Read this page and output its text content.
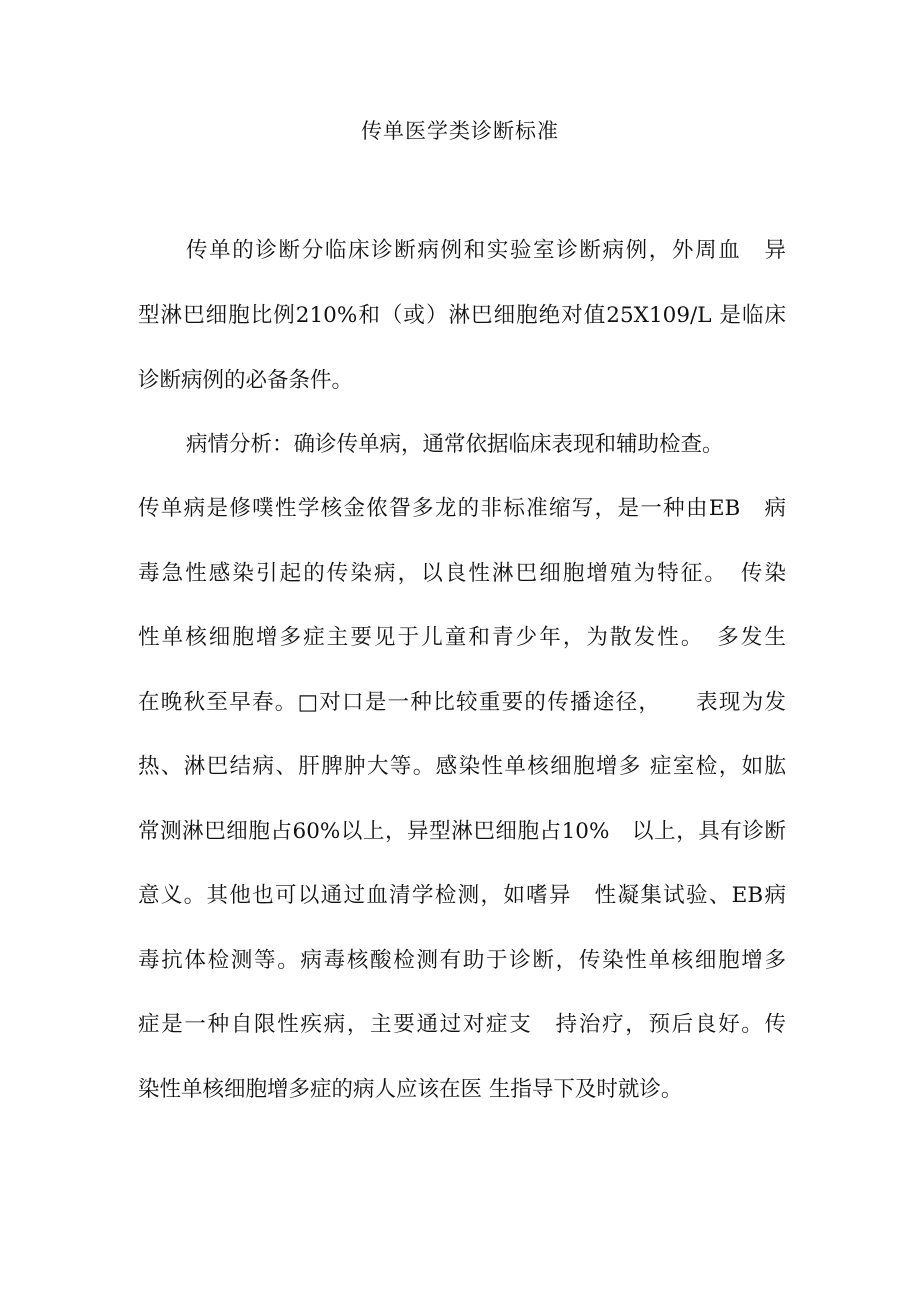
传单医学类诊断标准
传单的诊断分临床诊断病例和实验室诊断病例，外周血　异
型淋巴细胞比例210%和（或）淋巴细胞绝对值25X109/L 是临床
诊断病例的必备条件。
病情分析：确诊传单病，通常依据临床表现和辅助检查。
传单病是修噗性学核金侬眢多龙的非标准缩写，是一种由EB　病
毒急性感染引起的传染病，以良性淋巴细胞增殖为特征。　传染
性单核细胞增多症主要见于儿童和青少年，为散发性。　多发生
在晚秋至早春。□对口是一种比较重要的传播途径，　　表现为发
热、淋巴结病、肝脾肿大等。感染性单核细胞增多 症室检，如肱
常测淋巴细胞占60%以上，异型淋巴细胞占10%　以上，具有诊断
意义。其他也可以通过血清学检测，如嗜异　性凝集试验、EB病
毒抗体检测等。病毒核酸检测有助于诊断，传染性单核细胞增多
症是一种自限性疾病，主要通过对症支　持治疗，预后良好。传
染性单核细胞增多症的病人应该在医 生指导下及时就诊。
